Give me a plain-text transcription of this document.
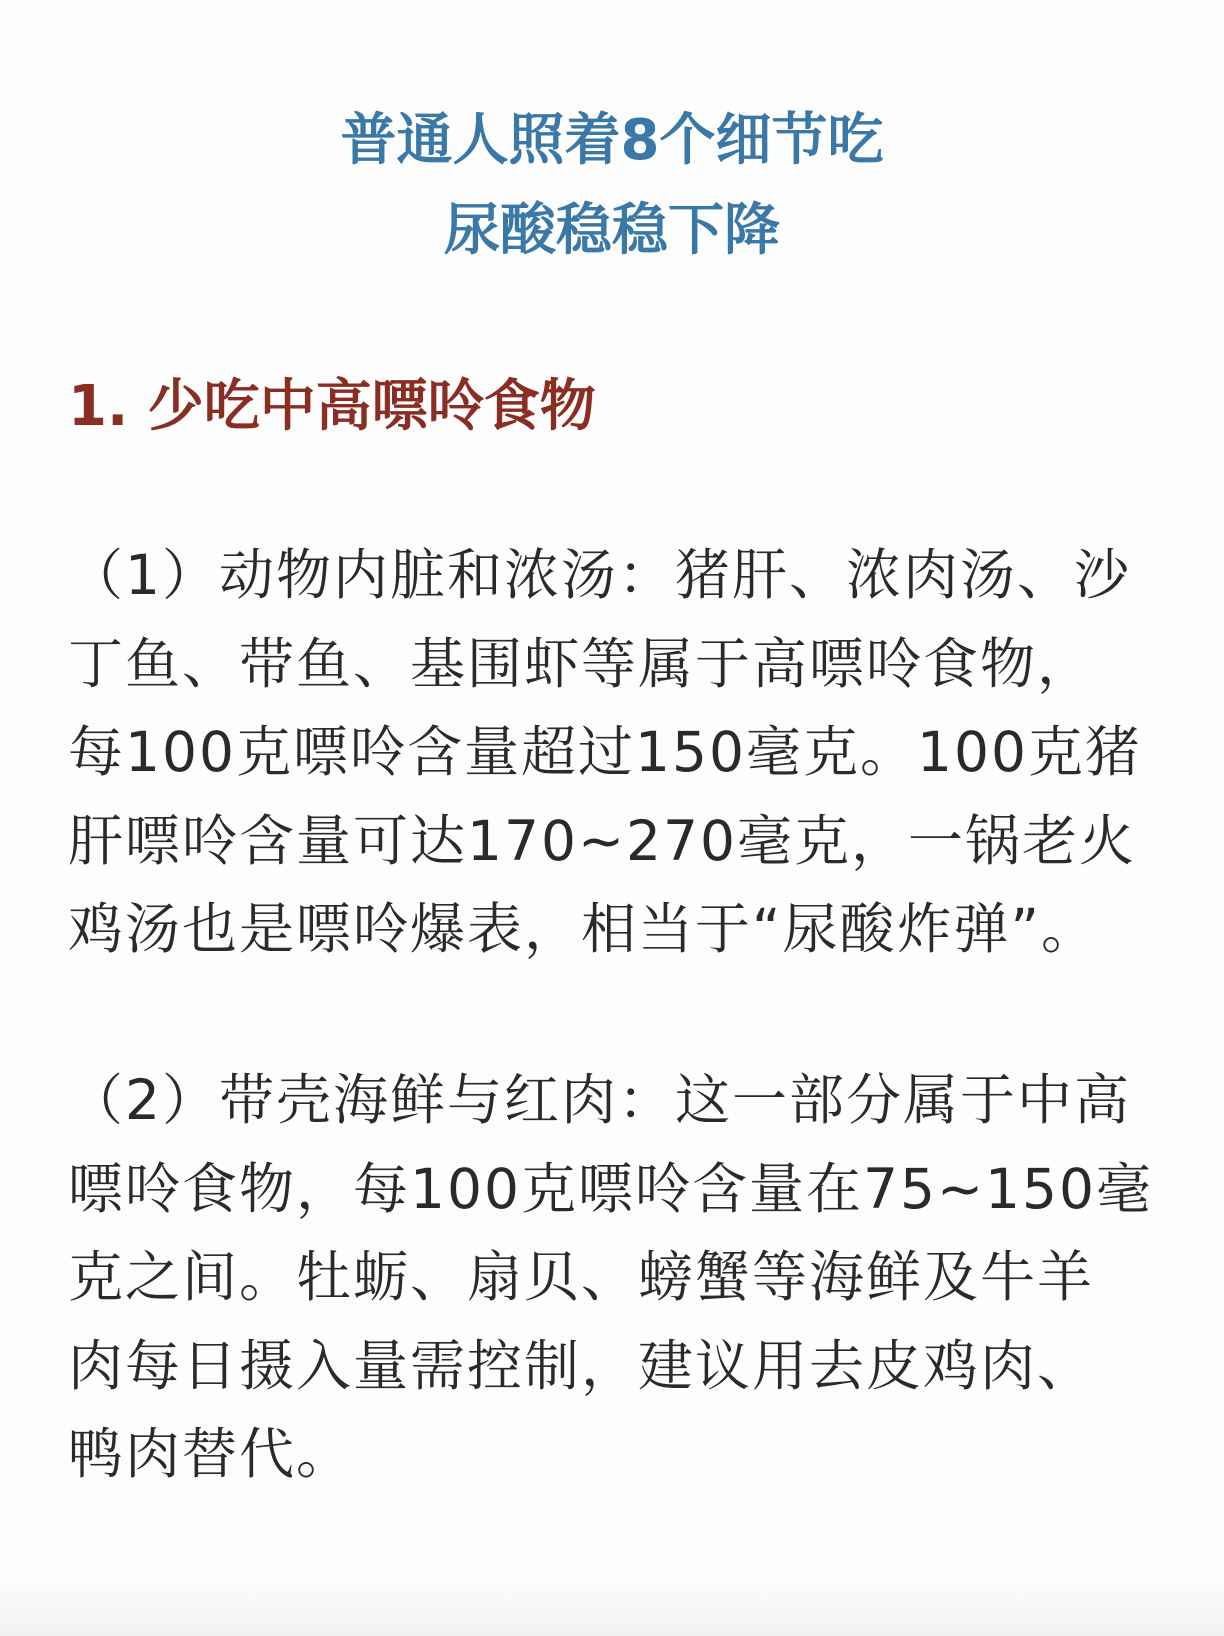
普通人照着8个细节吃
尿酸稳稳下降
1. 少吃中高嘌呤食物
（1）动物内脏和浓汤：猪肝、浓肉汤、沙
丁鱼、带鱼、基围虾等属于高嘌呤食物，
每100克嘌呤含量超过150毫克。100克猪
肝嘌呤含量可达170~270毫克，一锅老火
鸡汤也是嘌呤爆表，相当于“尿酸炸弹”。
（2）带壳海鲜与红肉：这一部分属于中高
嘌呤食物，每100克嘌呤含量在75~150毫
克之间。牡蛎、扇贝、螃蟹等海鲜及牛羊
肉每日摄入量需控制，建议用去皮鸡肉、
鸭肉替代。
